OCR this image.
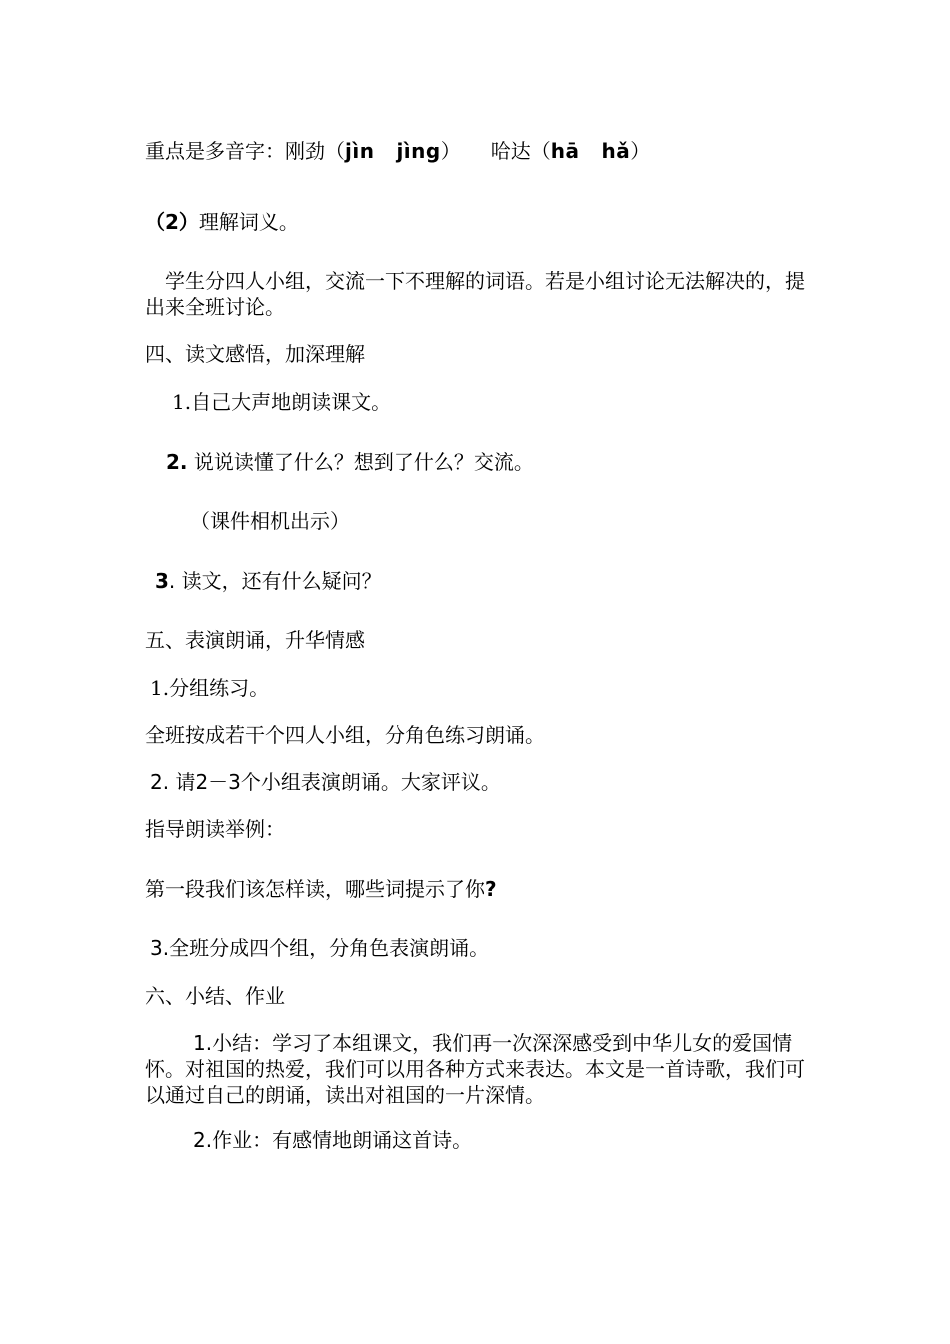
重点是多音字：刚劲（jìn jìng）　　哈达（hā hǎ）
（2）理解词义。
　学生分四人小组，交流一下不理解的词语。若是小组讨论无法解决的，提出来全班讨论。
四、读文感悟，加深理解
1.自己大声地朗读课文。
2. 说说读懂了什么？想到了什么？交流。
（课件相机出示）
3. 读文，还有什么疑问？
五、表演朗诵，升华情感
1.分组练习。
全班按成若干个四人小组，分角色练习朗诵。
2. 请2－3个小组表演朗诵。大家评议。
指导朗读举例：
第一段我们该怎样读，哪些词提示了你?
3.全班分成四个组，分角色表演朗诵。
六、小结、作业
1.小结：学习了本组课文，我们再一次深深感受到中华儿女的爱国情怀。对祖国的热爱，我们可以用各种方式来表达。本文是一首诗歌，我们可以通过自己的朗诵，读出对祖国的一片深情。
2.作业：有感情地朗诵这首诗。
